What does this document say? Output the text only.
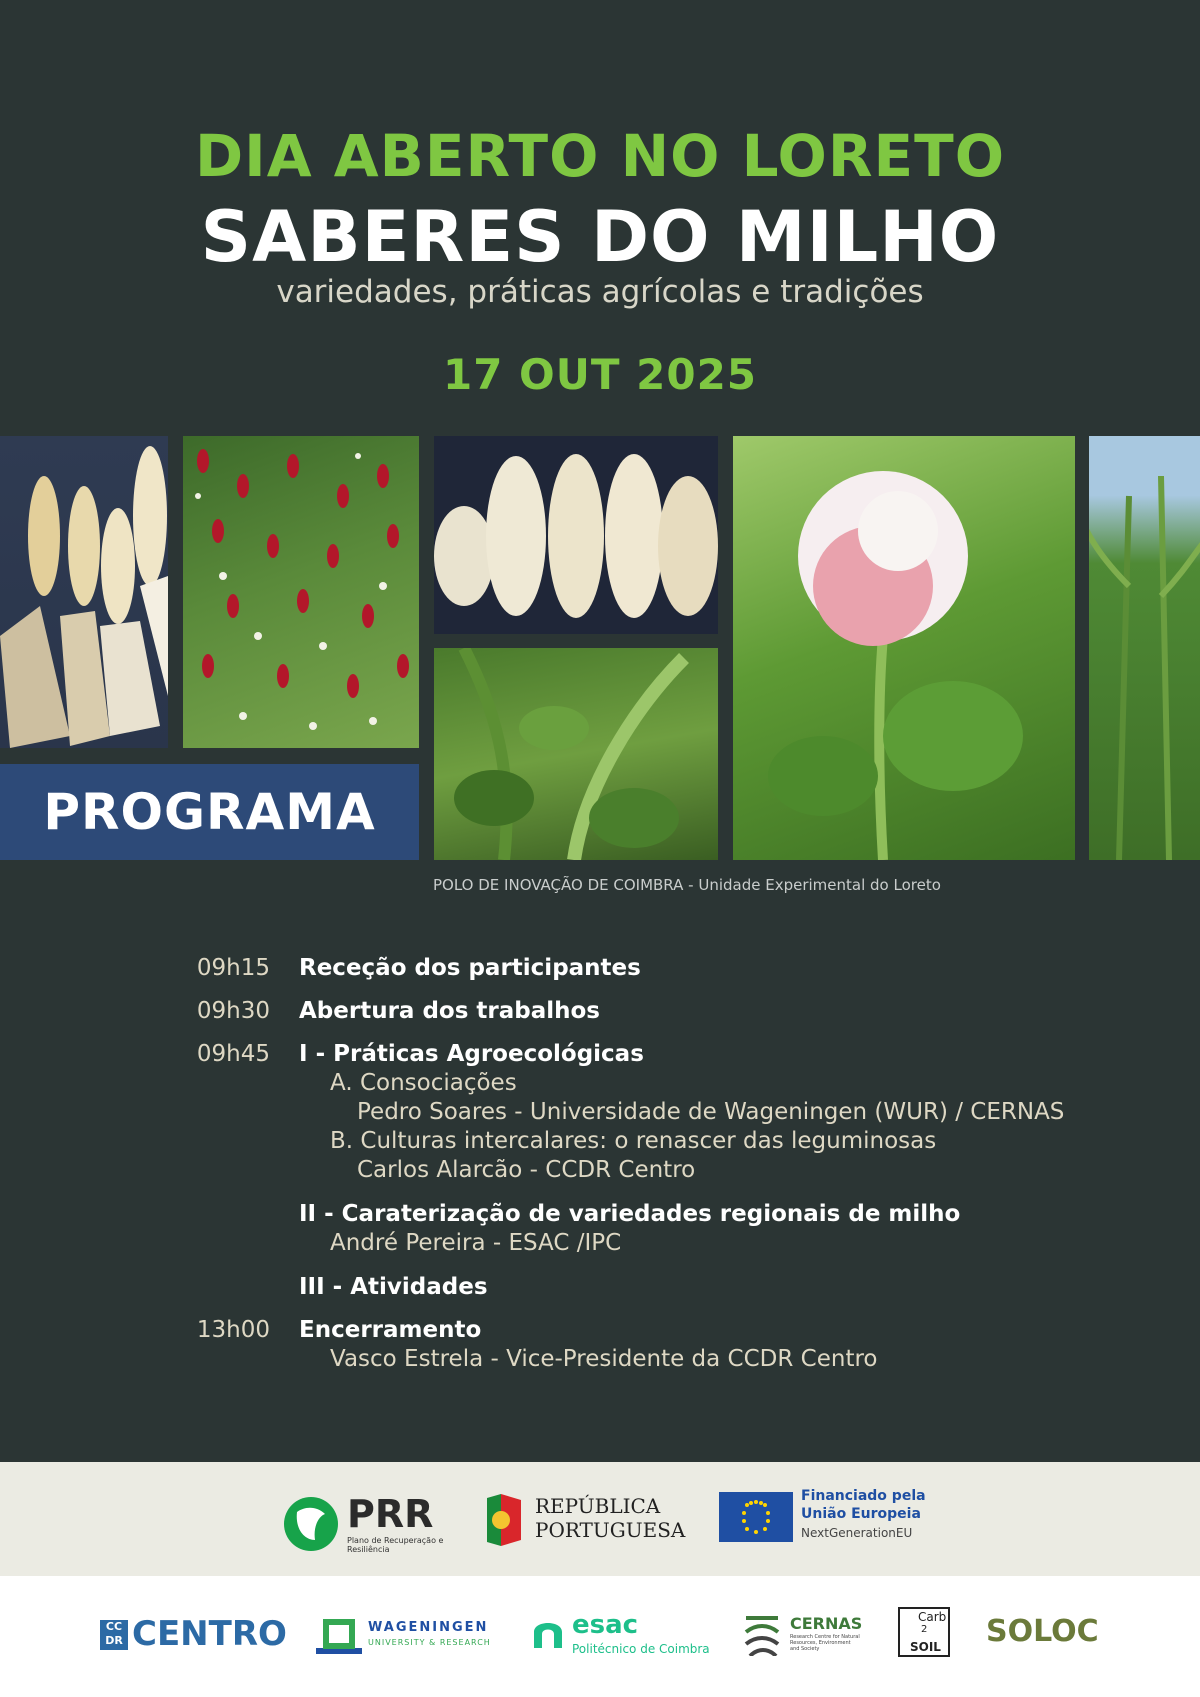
DIA ABERTO NO LORETO
SABERES DO MILHO
variedades, práticas agrícolas e tradições
17 OUT 2025
PROGRAMA
POLO DE INOVAÇÃO DE COIMBRA - Unidade Experimental do Loreto
09h15 Receção dos participantes
09h30 Abertura dos trabalhos
09h45 I - Práticas Agroecológicas
A. Consociações
Pedro Soares - Universidade de Wageningen (WUR) / CERNAS
B. Culturas intercalares: o renascer das leguminosas
Carlos Alarcão - CCDR Centro
II - Caraterização de variedades regionais de milho
André Pereira - ESAC /IPC
III - Atividades
13h00 Encerramento
Vasco Estrela - Vice-Presidente da CCDR Centro
PRR
Plano de Recuperação e Resiliência
REPÚBLICA
PORTUGUESA
Financiado pela
União Europeia
NextGenerationEU
CC DR CENTRO	WAGENINGEN
UNIVERSITY & RESEARCH
esac
Politécnico de Coimbra
CERNAS
Research Centre for Natural Resources, Environment and Society
Carb
2
SOIL SOLOC
